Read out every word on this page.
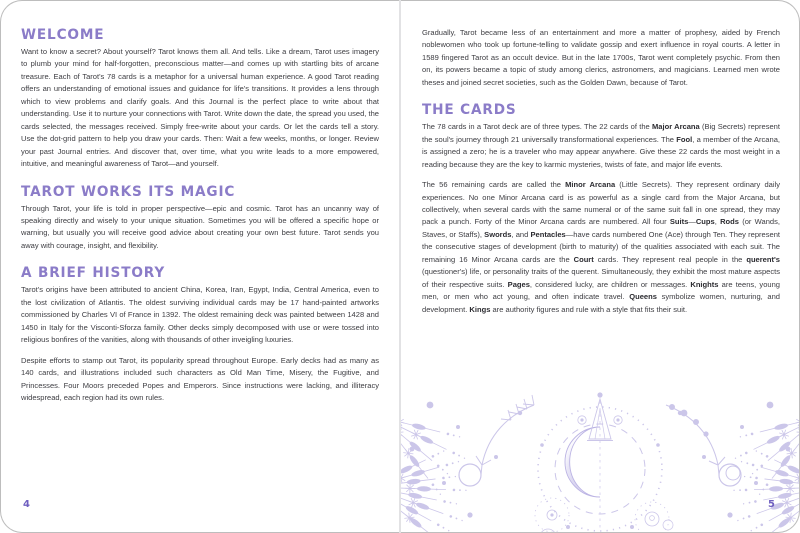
WELCOME

Want to know a secret? About yourself? Tarot knows them all. And tells. Like a dream, Tarot uses imagery to plumb your mind for half-forgotten, preconscious matter—and comes up with startling bits of arcane treasure. Each of Tarot's 78 cards is a metaphor for a universal human experience. A good Tarot reading offers an understanding of emotional issues and guidance for life's transitions. It provides a lens through which to view problems and clarify goals. And this Journal is the perfect place to write about that understanding. Use it to nurture your connections with Tarot. Write down the date, the spread you used, the cards selected, the messages received. Simply free-write about your cards. Or let the cards tell a story. Use the dot-grid pattern to help you draw your cards. Then: Wait a few weeks, months, or longer. Review your past Journal entries. And discover that, over time, what you write leads to a more empowered, intuitive, and meaningful awareness of Tarot—and yourself.

TAROT WORKS ITS MAGIC

Through Tarot, your life is told in proper perspective—epic and cosmic. Tarot has an uncanny way of speaking directly and wisely to your unique situation. Sometimes you will be offered a specific hope or warning, but usually you will receive good advice about creating your own best future. Tarot sends you away with courage, insight, and flexibility.

A BRIEF HISTORY

Tarot's origins have been attributed to ancient China, Korea, Iran, Egypt, India, Central America, even to the lost civilization of Atlantis. The oldest surviving individual cards may be 17 hand-painted artworks commissioned by Charles VI of France in 1392. The oldest remaining deck was painted between 1428 and 1450 in Italy for the Visconti-Sforza family. Other decks simply decomposed with use or were tossed into religious bonfires of the vanities, along with thousands of other inveigling luxuries.

Despite efforts to stamp out Tarot, its popularity spread throughout Europe. Early decks had as many as 140 cards, and illustrations included such characters as Old Man Time, Misery, the Fugitive, and Princesses. Four Moors preceded Popes and Emperors. Since instructions were lacking, and illiteracy widespread, each region had its own rules.

4

Gradually, Tarot became less of an entertainment and more a matter of prophesy, aided by French noblewomen who took up fortune-telling to validate gossip and exert influence in royal courts. A letter in 1589 fingered Tarot as an occult device. But in the late 1700s, Tarot went completely psychic. From then on, its powers became a topic of study among clerics, astronomers, and magicians. Learned men wrote theses and joined secret societies, such as the Golden Dawn, because of Tarot.

THE CARDS

The 78 cards in a Tarot deck are of three types. The 22 cards of the Major Arcana (Big Secrets) represent the soul's journey through 21 universally transformational experiences. The Fool, a member of the Arcana, is assigned a zero; he is a traveler who may appear anywhere. Give these 22 cards the most weight in a reading because they are the key to karmic mysteries, twists of fate, and major life events.

The 56 remaining cards are called the Minor Arcana (Little Secrets). They represent ordinary daily experiences. No one Minor Arcana card is as powerful as a single card from the Major Arcana, but collectively, when several cards with the same numeral or of the same suit fall in one spread, they may pack a punch. Forty of the Minor Arcana cards are numbered. All four Suits—Cups, Rods (or Wands, Staves, or Staffs), Swords, and Pentacles—have cards numbered One (Ace) through Ten. They represent the consecutive stages of development (birth to maturity) of the qualities associated with each suit. The remaining 16 Minor Arcana cards are the Court cards. They represent real people in the querent's (questioner's) life, or personality traits of the querent. Simultaneously, they exhibit the most mature aspects of their respective suits. Pages, considered lucky, are children or messages. Knights are teens, young men, or men who act young, and often indicate travel. Queens symbolize women, nurturing, and development. Kings are authority figures and rule with a style that fits their suit.

5
